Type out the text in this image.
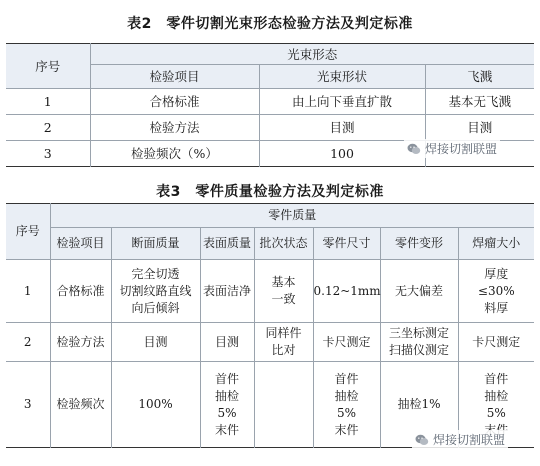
表2　零件切割光束形态检验方法及判定标准
序号	光束形态		
	检验项目	光束形状	飞溅
1	合格标准	由上向下垂直扩散	基本无飞溅
2	检验方法	目测	目测
3	检验频次（%）	100		焊接切割联盟
表3　零件质量检验方法及判定标准
序号	零件质量						
	检验项目	断面质量	表面质量	批次状态	零件尺寸	零件变形	焊瘤大小
1	合格标准	完全切透
切割纹路直线
向后倾斜	表面洁净	基本
一致	0.12~1mm	无大偏差	厚度
≤30%
料厚
2	检验方法	目测	目测	同样件
比对	卡尺测定	三坐标测定
扫描仪测定	卡尺测定
3	检验频次	100%	首件
抽检
5%
末件		首件
抽检
5%
末件	抽检1%	首件
抽检
5%

焊接切割联盟
